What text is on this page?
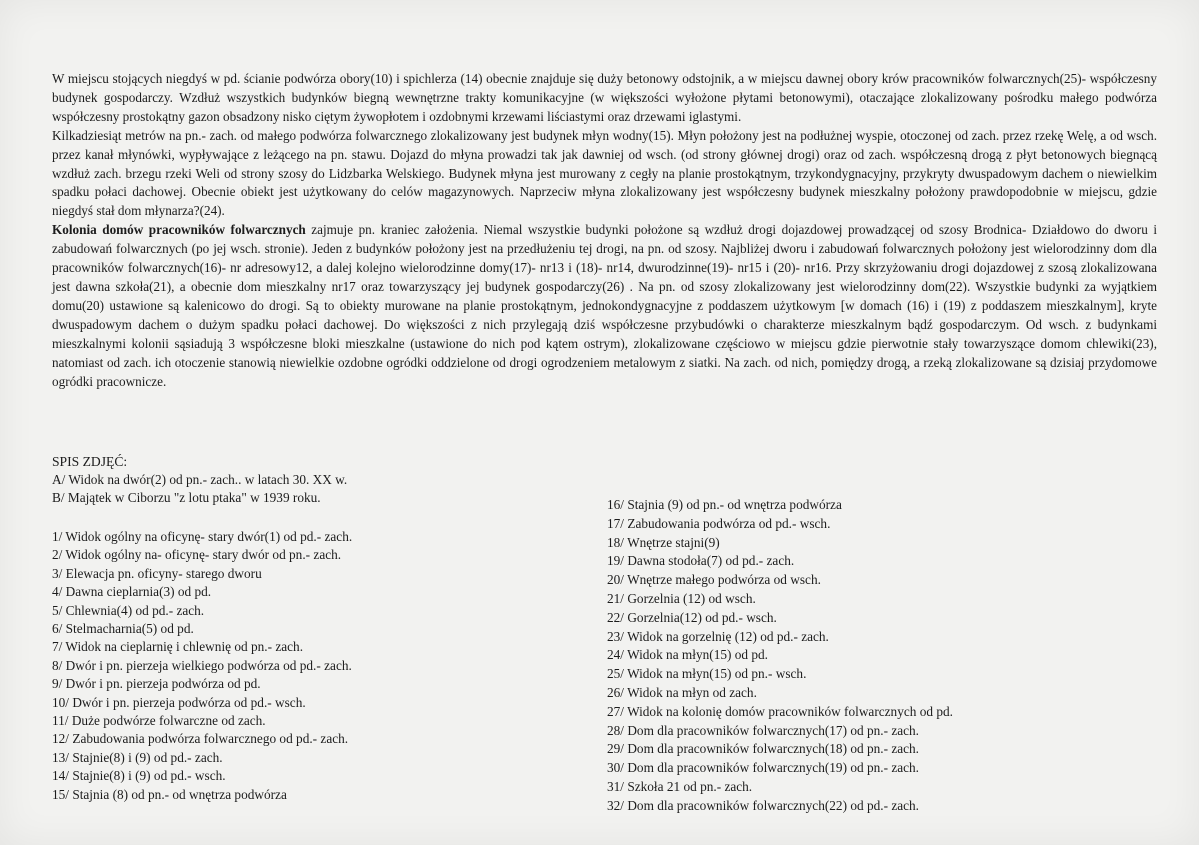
W miejscu stojących niegdyś w pd. ścianie podwórza obory(10) i spichlerza (14) obecnie znajduje się duży betonowy odstojnik, a w miejscu dawnej obory krów pracowników folwarcznych(25)- współczesny budynek gospodarczy. Wzdłuż wszystkich budynków biegną wewnętrzne trakty komunikacyjne (w większości wyłożone płytami betonowymi), otaczające zlokalizowany pośrodku małego podwórza współczesny prostokątny gazon obsadzony nisko ciętym żywopłotem i ozdobnymi krzewami liściastymi oraz drzewami iglastymi.

Kilkadziesiąt metrów na pn.- zach. od małego podwórza folwarcznego zlokalizowany jest budynek młyn wodny(15). Młyn położony jest na podłużnej wyspie, otoczonej od zach. przez rzekę Welę, a od wsch. przez kanał młynówki, wypływające z leżącego na pn. stawu. Dojazd do młyna prowadzi tak jak dawniej od wsch. (od strony głównej drogi) oraz od zach. współczesną drogą z płyt betonowych biegnącą wzdłuż zach. brzegu rzeki Weli od strony szosy do Lidzbarka Welskiego. Budynek młyna jest murowany z cegły na planie prostokątnym, trzykondygnacyjny, przykryty dwuspadowym dachem o niewielkim spadku połaci dachowej. Obecnie obiekt jest użytkowany do celów magazynowych. Naprzeciw młyna zlokalizowany jest współczesny budynek mieszkalny położony prawdopodobnie w miejscu, gdzie niegdyś stał dom młynarza?(24).

Kolonia domów pracowników folwarcznych zajmuje pn. kraniec założenia. Niemal wszystkie budynki położone są wzdłuż drogi dojazdowej prowadzącej od szosy Brodnica- Działdowo do dworu i zabudowań folwarcznych (po jej wsch. stronie). Jeden z budynków położony jest na przedłużeniu tej drogi, na pn. od szosy. Najbliżej dworu i zabudowań folwarcznych położony jest wielorodzinny dom dla pracowników folwarcznych(16)- nr adresowy12, a dalej kolejno wielorodzinne domy(17)- nr13 i (18)- nr14, dwurodzinne(19)- nr15 i (20)- nr16. Przy skrzyżowaniu drogi dojazdowej z szosą zlokalizowana jest dawna szkoła(21), a obecnie dom mieszkalny nr17 oraz towarzyszący jej budynek gospodarczy(26) . Na pn. od szosy zlokalizowany jest wielorodzinny dom(22). Wszystkie budynki za wyjątkiem domu(20) ustawione są kalenicowo do drogi. Są to obiekty murowane na planie prostokątnym, jednokondygnacyjne z poddaszem użytkowym [w domach (16) i (19) z poddaszem mieszkalnym], kryte dwuspadowym dachem o dużym spadku połaci dachowej. Do większości z nich przylegają dziś współczesne przybudówki o charakterze mieszkalnym bądź gospodarczym. Od wsch. z budynkami mieszkalnymi kolonii sąsiadują 3 współczesne bloki mieszkalne (ustawione do nich pod kątem ostrym), zlokalizowane częściowo w miejscu gdzie pierwotnie stały towarzyszące domom chlewiki(23), natomiast od zach. ich otoczenie stanowią niewielkie ozdobne ogródki oddzielone od drogi ogrodzeniem metalowym z siatki. Na zach. od nich, pomiędzy drogą, a rzeką zlokalizowane są dzisiaj przydomowe ogródki pracownicze.

SPIS ZDJĘĆ:
A/ Widok na dwór(2) od pn.- zach.. w latach 30. XX w.
B/ Majątek w Ciborzu "z lotu ptaka" w 1939 roku.
1/ Widok ogólny na oficynę- stary dwór(1) od pd.- zach.
2/ Widok ogólny na- oficynę- stary dwór od pn.- zach.
3/ Elewacja pn. oficyny- starego dworu
4/ Dawna cieplarnia(3) od pd.
5/ Chlewnia(4) od pd.- zach.
6/ Stelmacharnia(5) od pd.
7/ Widok na cieplarnię i chlewnię od pn.- zach.
8/ Dwór i pn. pierzeja wielkiego podwórza od pd.- zach.
9/ Dwór i pn. pierzeja podwórza od pd.
10/ Dwór i pn. pierzeja podwórza od pd.- wsch.
11/ Duże podwórze folwarczne od zach.
12/ Zabudowania podwórza folwarcznego od pd.- zach.
13/ Stajnie(8) i (9) od pd.- zach.
14/ Stajnie(8) i (9) od pd.- wsch.
15/ Stajnia (8) od pn.- od wnętrza podwórza
16/ Stajnia (9) od pn.- od wnętrza podwórza
17/ Zabudowania podwórza od pd.- wsch.
18/ Wnętrze stajni(9)
19/ Dawna stodoła(7) od pd.- zach.
20/ Wnętrze małego podwórza od wsch.
21/ Gorzelnia (12) od wsch.
22/ Gorzelnia(12) od pd.- wsch.
23/ Widok na gorzelnię (12) od pd.- zach.
24/ Widok na młyn(15) od pd.
25/ Widok na młyn(15) od pn.- wsch.
26/ Widok na młyn od zach.
27/ Widok na kolonię domów pracowników folwarcznych od pd.
28/ Dom dla pracowników folwarcznych(17) od pn.- zach.
29/ Dom dla pracowników folwarcznych(18) od pn.- zach.
30/ Dom dla pracowników folwarcznych(19) od pn.- zach.
31/ Szkoła 21 od pn.- zach.
32/ Dom dla pracowników folwarcznych(22) od pd.- zach.
